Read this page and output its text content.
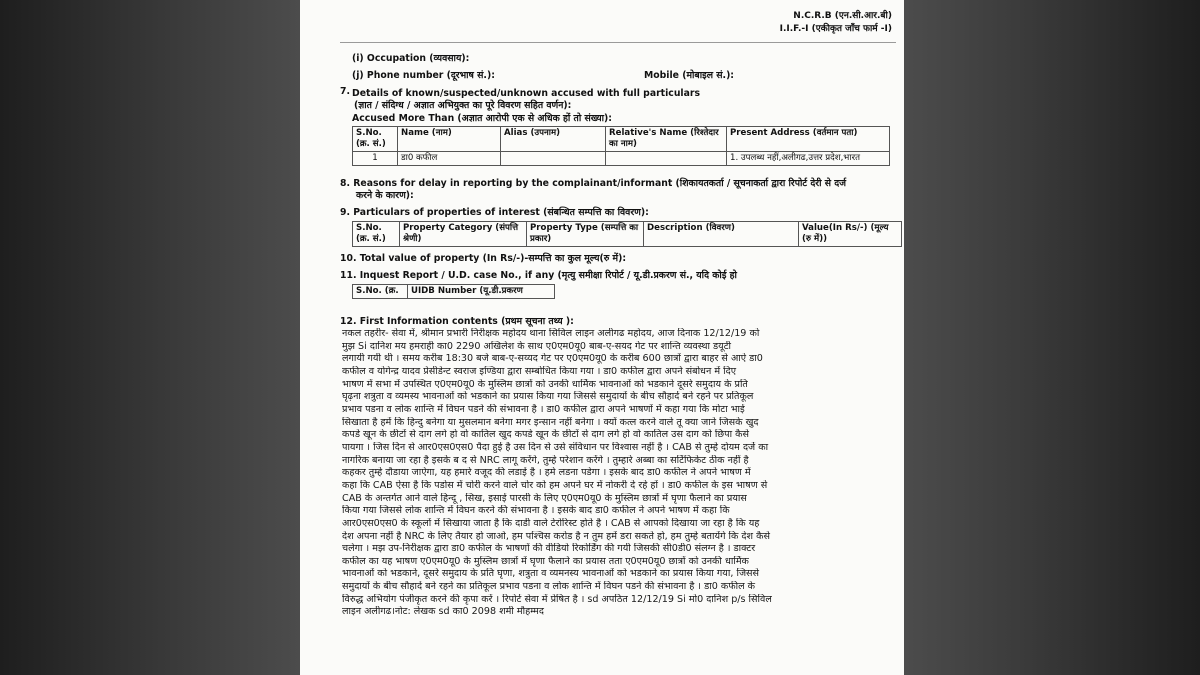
N.C.R.B (एन.सी.आर.बी)
I.I.F.-I (एकीकृत जाँच फार्म -I)
(i) Occupation (व्यवसाय):
(j) Phone number (दूरभाष सं.):	Mobile (मोबाइल सं.):
7. Details of known/suspected/unknown accused with full particulars
(ज्ञात / संदिग्ध / अज्ञात अभियुक्त का पूरे विवरण सहित वर्णन):
Accused More Than (अज्ञात आरोपी एक से अधिक हों तो संख्या):
S.No.(क्र. सं.)	Name (नाम)	Alias (उपनाम)	Relative's Name (रिश्तेदार का नाम)	Present Address (वर्तमान पता)
1	डा0 कफील			1. उपलब्ध नहीं,अलीगढ,उत्तर प्रदेश,भारत
8. Reasons for delay in reporting by the complainant/informant (शिकायतकर्ता / सूचनाकर्ता द्वारा रिपोर्ट देरी से दर्ज
करने के कारण):
9. Particulars of properties of interest (संबन्धित सम्पत्ति का विवरण):
S.No. (क्र. सं.)	Property Category (संपत्ति श्रेणी)	Property Type (सम्पत्ति का प्रकार)	Description (विवरण)	Value(In Rs/-) (मूल्य (रु में))
10. Total value of property (In Rs/-)-सम्पत्ति का कुल मूल्य(रु में):
11. Inquest Report / U.D. case No., if any (मृत्यु समीक्षा रिपोर्ट / यू.डी.प्रकरण सं., यदि कोई हो
S.No. (क्र.	UIDB Number (यू.डी.प्रकरण
12. First Information contents (प्रथम सूचना तथ्य ):
नकल तहरीर- सेवा में, श्रीमान प्रभारी निरीक्षक महोदय थाना सिविल लाइन अलीगढ महोदय, आज दिनाक 12/12/19 को
मुझ Si दानिश मय हमराही का0 2290 अखिलेश के साथ ए0एम0यू0 बाब-ए-सयद गेट पर शान्ति व्यवस्था डयूटी
लगायी गयी थी । समय करीब 18:30 बजे बाब-ए-सय्यद गेट पर ए0एम0यू0 के करीब 600 छात्रों द्वारा बाहर से आऐ डा0
कफील व योगेन्द्र यादव प्रेसीडेन्ट स्वराज इण्डिया द्वारा सम्बोधित किया गया । डा0 कफील द्वारा अपने संबोधन में दिए
भाषण में सभा में उपस्थित ए0एम0यू0 के मुस्लिम छात्रों को उनकी धार्मिक भावनाओं को भडकाने दूसरे समुदाय के प्रति
घृढ़ना शत्रुता व व्यमस्य भावनाओं को भडकाने का प्रयास किया गया जिससे समुदायों के बीच सौहार्द बने रहने पर प्रतिकूल
प्रभाव पडना व लोक शान्ति में विघन पडने की संभावना है । डा0 कफील द्वारा अपने भाषणों में कहा गया कि मोटा भाई
सिखाता है हमें कि हिन्दु बनेगा या मुसलमान बनेगा मगर इन्सान नहीं बनेगा । क्यों कत्ल करने वाले तू क्या जाने जिसके खुद
कपडे खून के छीटों से दाग लगे हो वो कातिल खुद कपडे खून के छीटों से दाग लगे हो वो कातिल उस दाग को छिपा कैसे
पायगा । जिस दिन से आर0एस0एस0 पैदा हुई है उस दिन से उसे संविधान पर विश्वास नहीं है । CAB से तुम्हे दोयम दर्जे का
नागरिक बनाया जा रहा है इसके ब द से NRC लागू करेंगे, तुम्हे परेशान करेंगे । तुम्हारे अब्बा का सर्टिफिकेट ठीक नहीं है
कहकर तुम्हे दौडाया जाऐगा, यह हमारे वजूद की लडाई है । हमे लडना पडेगा । इसके बाद डा0 कफील ने अपने भाषण में
कहा कि CAB ऐसा है कि पडोस में चोरी करने वाले चोर को हम अपने घर में नोकरी दे रहे हों । डा0 कफील के इस भाषण से
CAB के अन्तर्गत आने वाले हिन्दू , सिख, इसाई पारसी के लिए ए0एम0यू0 के मुस्लिम छात्रों में घृणा फैलाने का प्रयास
किया गया जिससे लोक शान्ति में विघन करने की संभावना है । इसके बाद डा0 कफील ने अपने भाषण में कहा कि
आर0एस0एस0 के स्कूलों में सिखाया जाता है कि दाडी वाले टेरोरिस्ट होते है । CAB से आपको दिखाया जा रहा है कि यह
देश अपना नहीं है NRC के लिए तैयार हो जाओ, हम पश्चिस करोड है न तुम हमें डरा सकते हो, हम तुम्हे बतायेंगे कि देश कैसे
चलेगा । मझ उप-निरीक्षक द्वारा डा0 कफील के भाषणों की वीडियो रिकोर्डिंग की गयी जिसकी सी0डी0 संलग्न है । डाक्टर
कफील का यह भाषण ए0एम0यू0 के मुस्लिम छात्रों में घृणा फैलाने का प्रयास तता ए0एम0यू0 छात्रों को उनकी धार्मिक
भावनाओं को भडकाने, दूसरे समुदाय के प्रति घृणा, शत्रुता व व्यमनस्य भावनाओं को भडकाने का प्रयास किया गया, जिससे
समुदायों के बीच सौहार्द बने रहने का प्रतिकूल प्रभाव पडना व लोक शान्ति में विघन पडने की संभावना है । डा0 कफील के
विरुद्ध अभियोग पंजीकृत करने की कृपा करें । रिपोर्ट सेवा में प्रेषित है । sd अपठित 12/12/19 Si मो0 दानिश p/s सिविल
लाइन अलीगढ।नोट: लेखक sd का0 2098 शमी मौहम्मद
